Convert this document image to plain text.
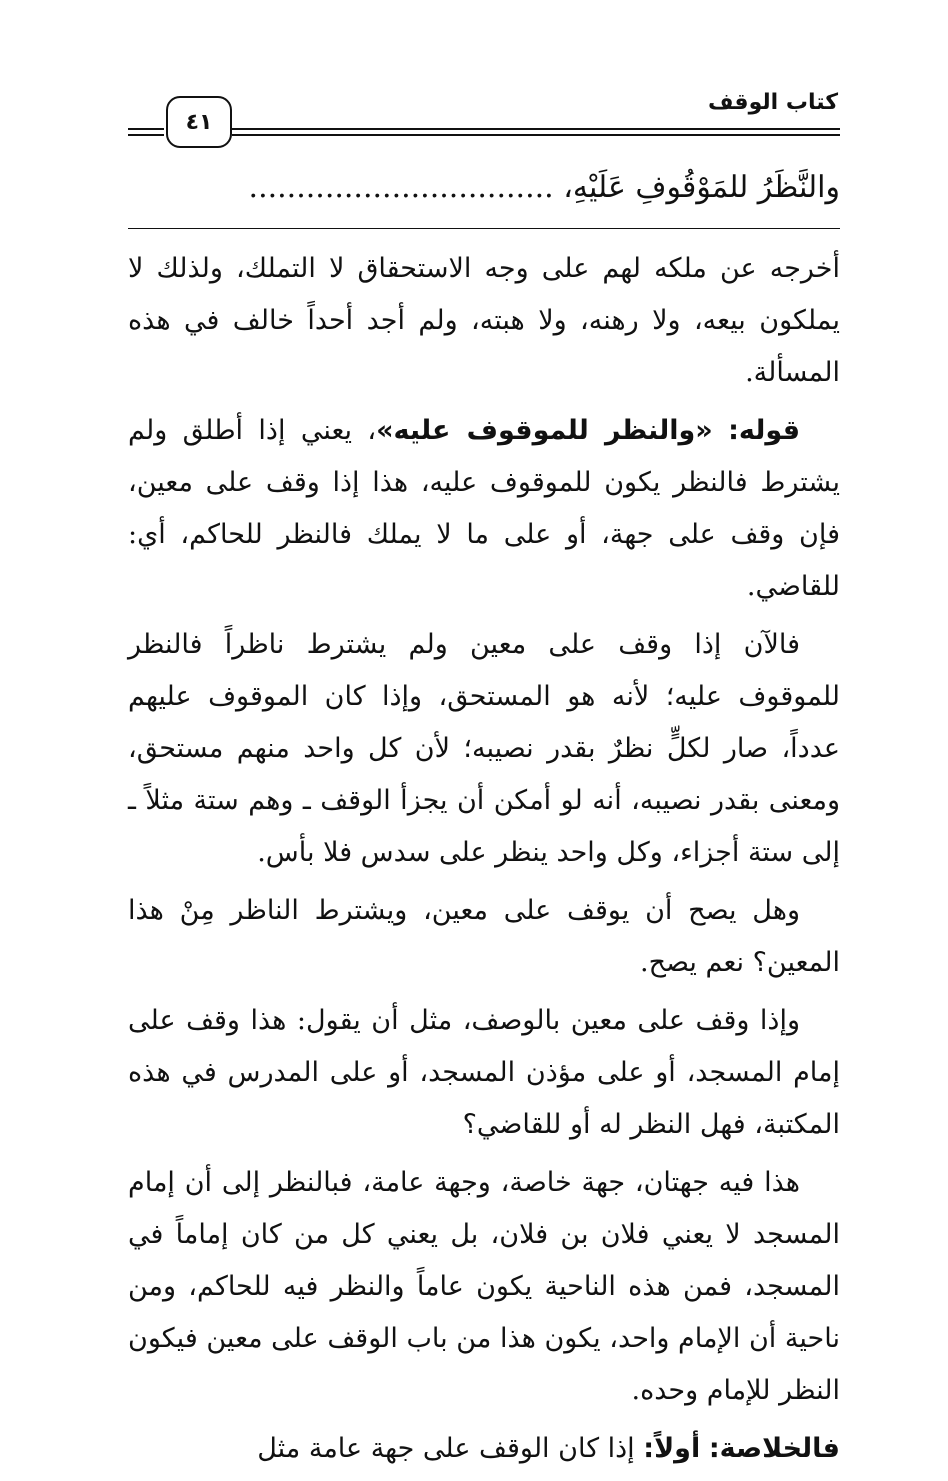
كتاب الوقف
٤١
والنَّظَرُ للمَوْقُوفِ عَلَيْهِ، ................................

أخرجه عن ملكه لهم على وجه الاستحقاق لا التملك، ولذلك لا يملكون بيعه، ولا رهنه، ولا هبته، ولم أجد أحداً خالف في هذه المسألة.

قوله: «والنظر للموقوف عليه»، يعني إذا أطلق ولم يشترط فالنظر يكون للموقوف عليه، هذا إذا وقف على معين، فإن وقف على جهة، أو على ما لا يملك فالنظر للحاكم، أي: للقاضي.

فالآن إذا وقف على معين ولم يشترط ناظراً فالنظر للموقوف عليه؛ لأنه هو المستحق، وإذا كان الموقوف عليهم عدداً، صار لكلٍّ نظرٌ بقدر نصيبه؛ لأن كل واحد منهم مستحق، ومعنى بقدر نصيبه، أنه لو أمكن أن يجزأ الوقف ـ وهم ستة مثلاً ـ إلى ستة أجزاء، وكل واحد ينظر على سدس فلا بأس.

وهل يصح أن يوقف على معين، ويشترط الناظر مِنْ هذا المعين؟ نعم يصح.

وإذا وقف على معين بالوصف، مثل أن يقول: هذا وقف على إمام المسجد، أو على مؤذن المسجد، أو على المدرس في هذه المكتبة، فهل النظر له أو للقاضي؟

هذا فيه جهتان، جهة خاصة، وجهة عامة، فبالنظر إلى أن إمام المسجد لا يعني فلان بن فلان، بل يعني كل من كان إماماً في المسجد، فمن هذه الناحية يكون عاماً والنظر فيه للحاكم، ومن ناحية أن الإمام واحد، يكون هذا من باب الوقف على معين فيكون النظر للإمام وحده.

فالخلاصة: أولاً: إذا كان الوقف على جهة عامة مثل
